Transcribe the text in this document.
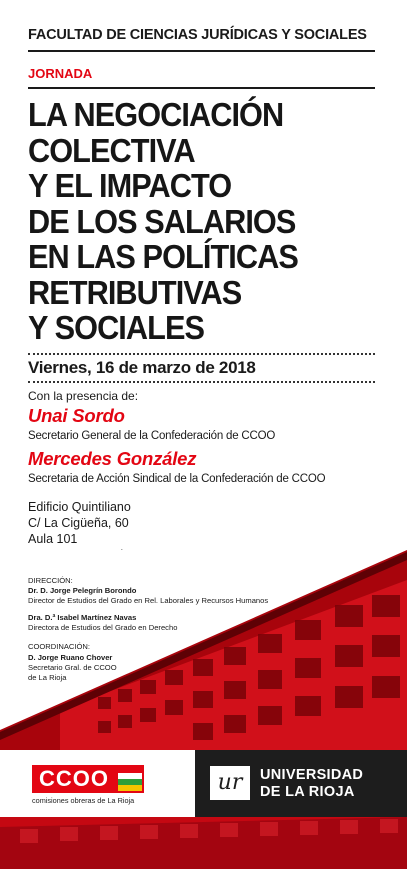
FACULTAD DE CIENCIAS JURÍDICAS Y SOCIALES
JORNADA
LA NEGOCIACIÓN
COLECTIVA
Y EL IMPACTO
DE LOS SALARIOS
EN LAS POLÍTICAS
RETRIBUTIVAS
Y SOCIALES
Viernes, 16 de marzo de 2018
Con la presencia de:
Unai Sordo
Secretario General de la Confederación de CCOO
Mercedes González
Secretaria de Acción Sindical de la Confederación de CCOO
Edificio Quintiliano
C/ La Cigüeña, 60
Aula 101
DIRECCIÓN:
Dr. D. Jorge Pelegrín Borondo
Director de Estudios del Grado en Rel. Laborales y Recursos Humanos
Dra. D.ª Isabel Martínez Navas
Directora de Estudios del Grado en Derecho
COORDINACIÓN:
D. Jorge Ruano Chover
Secretario Gral. de CCOO
de La Rioja
CCOO
comisiones obreras de La Rioja
ur	UNIVERSIDAD
DE LA RIOJA
